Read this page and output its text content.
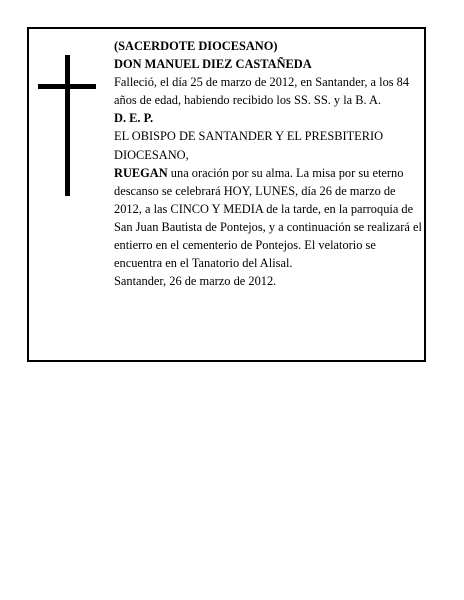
(SACERDOTE DIOCESANO)

DON MANUEL DIEZ CASTAÑEDA

Falleció, el día 25 de marzo de 2012, en Santander, a los 84 años de edad, habiendo recibido los SS. SS. y la B. A.

D. E. P.

EL OBISPO DE SANTANDER Y EL PRESBITERIO DIOCESANO,

RUEGAN una oración por su alma. La misa por su eterno descanso se celebrará HOY, LUNES, día 26 de marzo de 2012, a las CINCO Y MEDIA de la tarde, en la parroquia de San Juan Bautista de Pontejos, y a continuación se realizará el entierro en el cementerio de Pontejos. El velatorio se encuentra en el Tanatorio del Alisal.

Santander, 26 de marzo de 2012.
